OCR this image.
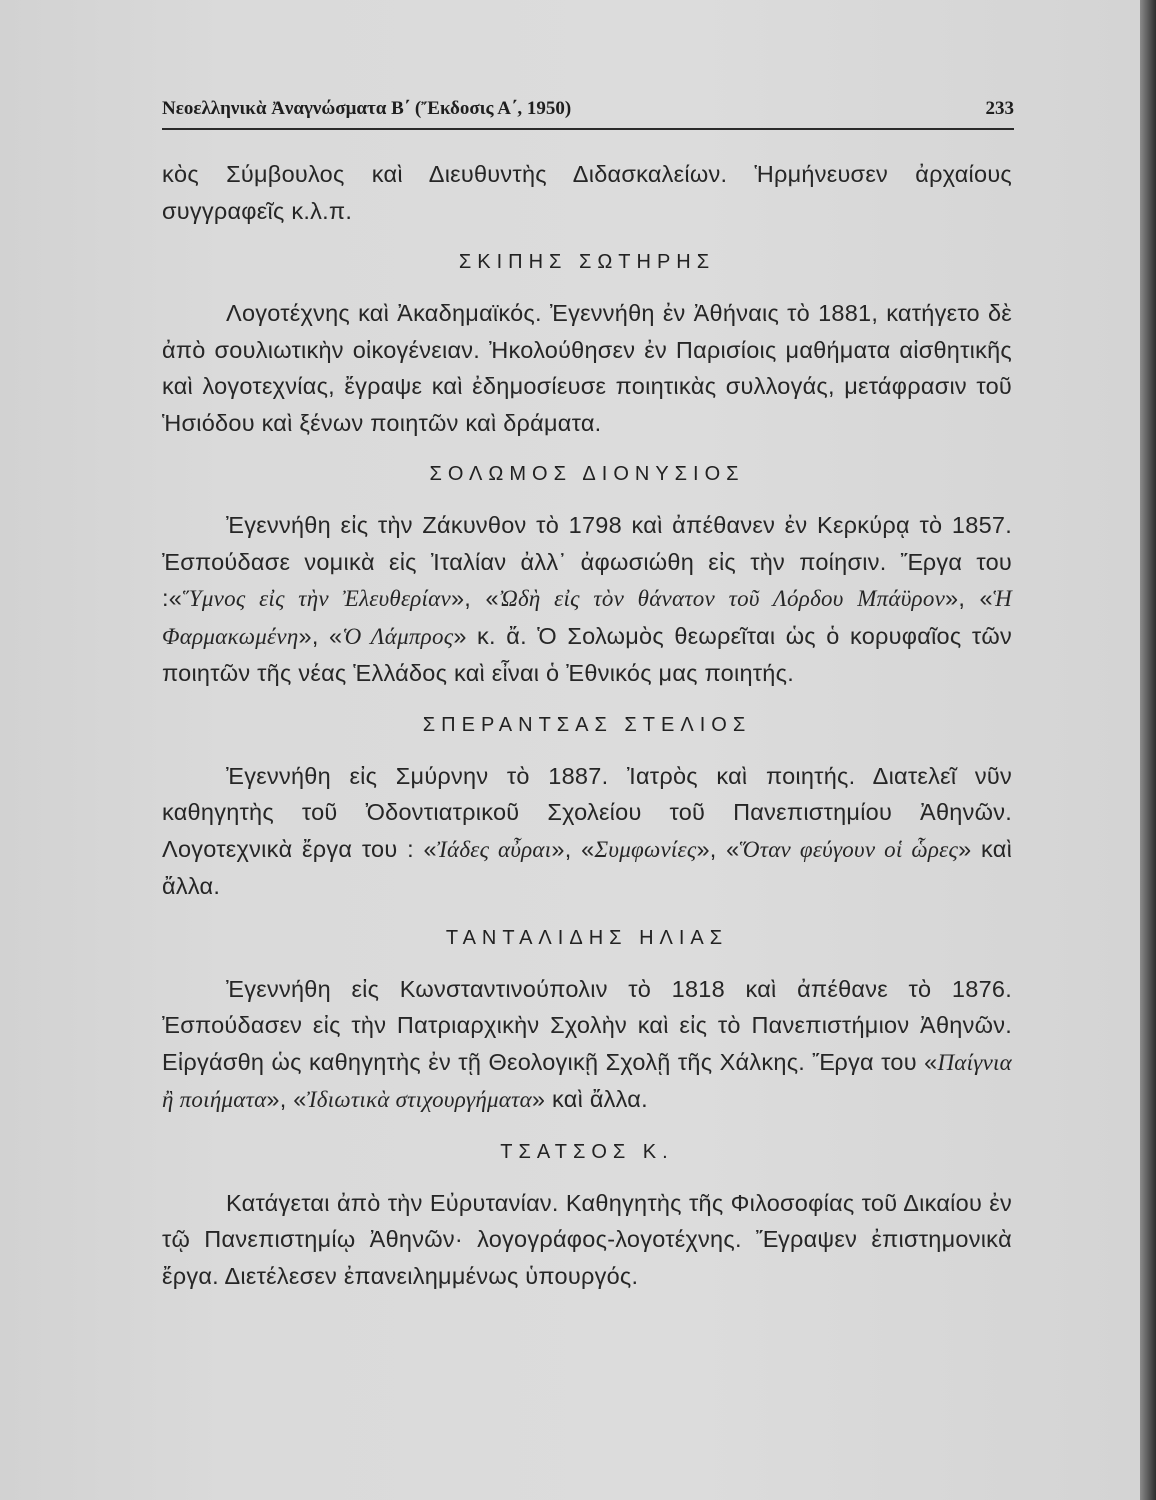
Νεοελληνικὰ Ἀναγνώσματα Β΄ (Ἔκδοσις Α΄, 1950)	233

κὸς Σύμβουλος καὶ Διευθυντὴς Διδασκαλείων. Ἡρμήνευσεν ἀρχαίους συγγραφεῖς κ.λ.π.

ΣΚΙΠΗΣ ΣΩΤΗΡΗΣ

Λογοτέχνης καὶ Ἀκαδημαϊκός. Ἐγεννήθη ἐν Ἀθήναις τὸ 1881, κατήγετο δὲ ἀπὸ σουλιωτικὴν οἰκογένειαν. Ἠκολούθησεν ἐν Παρισίοις μαθήματα αἰσθητικῆς καὶ λογοτεχνίας, ἔγραψε καὶ ἐδημοσίευσε ποιητικὰς συλλογάς, μετάφρασιν τοῦ Ἡσιόδου καὶ ξένων ποιητῶν καὶ δράματα.

ΣΟΛΩΜΟΣ ΔΙΟΝΥΣΙΟΣ

Ἐγεννήθη εἰς τὴν Ζάκυνθον τὸ 1798 καὶ ἀπέθανεν ἐν Κερκύρᾳ τὸ 1857. Ἐσπούδασε νομικὰ εἰς Ἰταλίαν ἀλλ᾽ ἀφωσιώθη εἰς τὴν ποίησιν. Ἔργα του :«Ὕμνος εἰς τὴν Ἐλευθερίαν», «Ὠδὴ εἰς τὸν θάνατον τοῦ Λόρδου Μπάϋρον», «Ἡ Φαρμακωμένη», «Ὁ Λάμπρος» κ. ἄ. Ὁ Σολωμὸς θεωρεῖται ὡς ὁ κορυφαῖος τῶν ποιητῶν τῆς νέας Ἑλλάδος καὶ εἶναι ὁ Ἐθνικός μας ποιητής.

ΣΠΕΡΑΝΤΣΑΣ ΣΤΕΛΙΟΣ

Ἐγεννήθη εἰς Σμύρνην τὸ 1887. Ἰατρὸς καὶ ποιητής. Διατελεῖ νῦν καθηγητὴς τοῦ Ὀδοντιατρικοῦ Σχολείου τοῦ Πανεπιστημίου Ἀθηνῶν. Λογοτεχνικὰ ἔργα του : «Ἰάδες αὖραι», «Συμφωνίες», «Ὅταν φεύγουν οἱ ὧρες» καὶ ἄλλα.

ΤΑΝΤΑΛΙΔΗΣ ΗΛΙΑΣ

Ἐγεννήθη εἰς Κωνσταντινούπολιν τὸ 1818 καὶ ἀπέθανε τὸ 1876. Ἐσπούδασεν εἰς τὴν Πατριαρχικὴν Σχολὴν καὶ εἰς τὸ Πανεπιστήμιον Ἀθηνῶν. Εἰργάσθη ὡς καθηγητὴς ἐν τῇ Θεολογικῇ Σχολῇ τῆς Χάλκης. Ἔργα του «Παίγνια ἢ ποιήματα», «Ἰδιωτικὰ στιχουργήματα» καὶ ἄλλα.

ΤΣΑΤΣΟΣ Κ.

Κατάγεται ἀπὸ τὴν Εὐρυτανίαν. Καθηγητὴς τῆς Φιλοσοφίας τοῦ Δικαίου ἐν τῷ Πανεπιστημίῳ Ἀθηνῶν· λογογράφος-λογοτέχνης. Ἔγραψεν ἐπιστημονικὰ ἔργα. Διετέλεσεν ἐπανειλημμένως ὑπουργός.
